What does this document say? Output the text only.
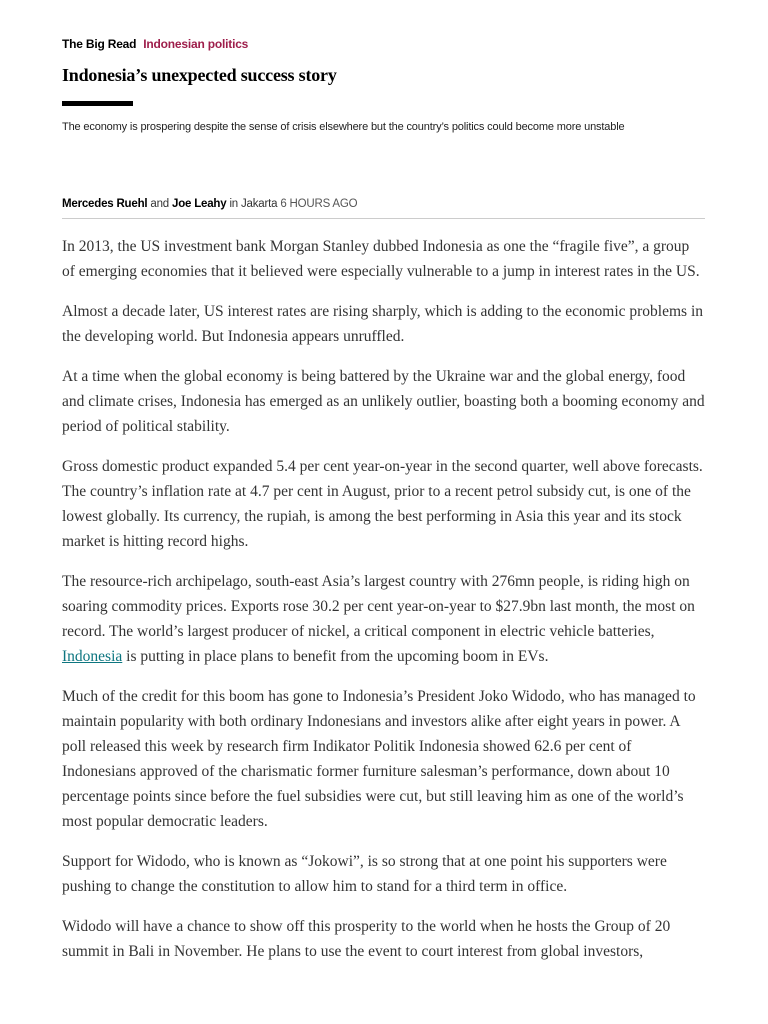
The Big Read Indonesian politics
Indonesia’s unexpected success story
The economy is prospering despite the sense of crisis elsewhere but the country’s politics could become more unstable
Mercedes Ruehl and Joe Leahy in Jakarta 6 HOURS AGO

In 2013, the US investment bank Morgan Stanley dubbed Indonesia as one the “fragile five”, a group of emerging economies that it believed were especially vulnerable to a jump in interest rates in the US.

Almost a decade later, US interest rates are rising sharply, which is adding to the economic problems in the developing world. But Indonesia appears unruffled.

At a time when the global economy is being battered by the Ukraine war and the global energy, food and climate crises, Indonesia has emerged as an unlikely outlier, boasting both a booming economy and period of political stability.

Gross domestic product expanded 5.4 per cent year-on-year in the second quarter, well above forecasts. The country’s inflation rate at 4.7 per cent in August, prior to a recent petrol subsidy cut, is one of the lowest globally. Its currency, the rupiah, is among the best performing in Asia this year and its stock market is hitting record highs.

The resource-rich archipelago, south-east Asia’s largest country with 276mn people, is riding high on soaring commodity prices. Exports rose 30.2 per cent year-on-year to $27.9bn last month, the most on record. The world’s largest producer of nickel, a critical component in electric vehicle batteries, Indonesia is putting in place plans to benefit from the upcoming boom in EVs.

Much of the credit for this boom has gone to Indonesia’s President Joko Widodo, who has managed to maintain popularity with both ordinary Indonesians and investors alike after eight years in power. A poll released this week by research firm Indikator Politik Indonesia showed 62.6 per cent of Indonesians approved of the charismatic former furniture salesman’s performance, down about 10 percentage points since before the fuel subsidies were cut, but still leaving him as one of the world’s most popular democratic leaders.

Support for Widodo, who is known as “Jokowi”, is so strong that at one point his supporters were pushing to change the constitution to allow him to stand for a third term in office.

Widodo will have a chance to show off this prosperity to the world when he hosts the Group of 20 summit in Bali in November. He plans to use the event to court interest from global investors,
